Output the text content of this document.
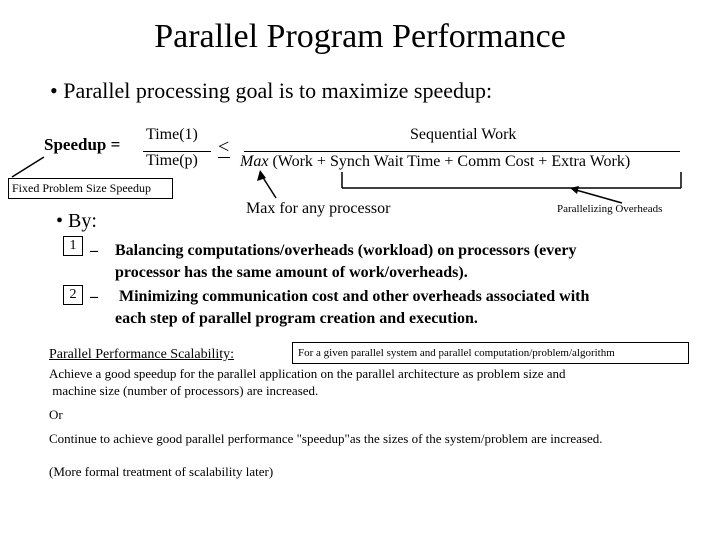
Parallel Program Performance
• Parallel processing goal is to maximize speedup:
Speedup =
Time(1)
Time(p)
<
Sequential Work
Max (Work + Synch Wait Time + Comm Cost + Extra Work)
Fixed Problem Size Speedup
Max for any processor	Parallelizing Overheads
• By:
1 – Balancing computations/overheads (workload) on processors (every
processor has the same amount of work/overheads).
2 – Minimizing communication cost and other overheads associated with
each step of parallel program creation and execution.
Parallel Performance Scalability:	For a given parallel system and parallel computation/problem/algorithm
Achieve a good speedup for the parallel application on the parallel architecture as problem size and
machine size (number of processors) are increased.
Or
Continue to achieve good parallel performance "speedup"as the sizes of the system/problem are increased.
(More formal treatment of scalability later)
